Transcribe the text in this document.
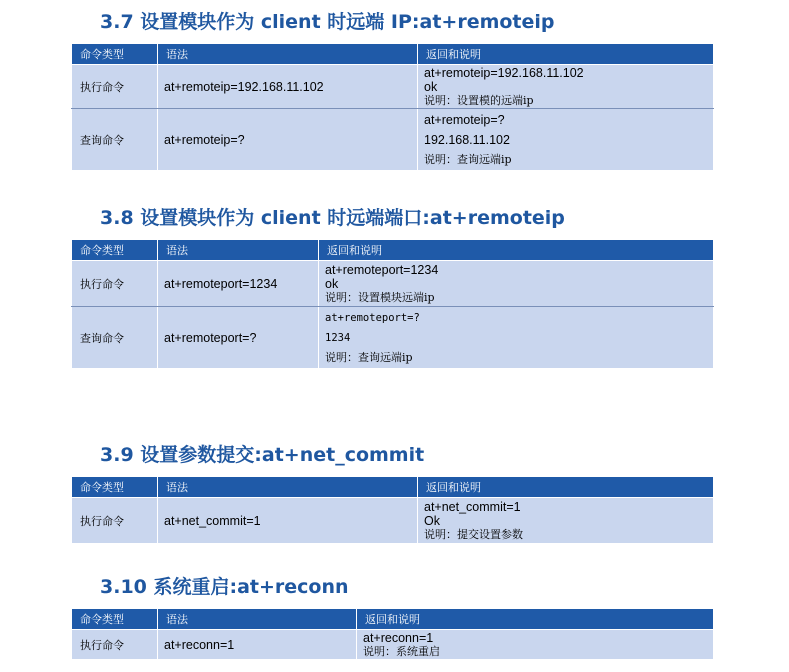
3.7 设置模块作为 client 时远端 IP:at+remoteip
命令类型	语法	返回和说明
执行命令	at+remoteip=192.168.11.102	at+remoteip=192.168.11.102
ok
说明：设置模的远端ip

查询命令	at+remoteip=?	at+remoteip=?
192.168.11.102
说明：查询远端ip
3.8 设置模块作为 client 时远端端口:at+remoteip
命令类型	语法	返回和说明
执行命令	at+remoteport=1234	at+remoteport=1234
ok
说明：设置模块远端ip

查询命令	at+remoteport=?	at+remoteport=?
1234
说明：查询远端ip
3.9 设置参数提交:at+net_commit
命令类型	语法	返回和说明
执行命令	at+net_commit=1	at+net_commit=1
Ok
说明：提交设置参数
3.10 系统重启:at+reconn
命令类型	语法	返回和说明
执行命令	at+reconn=1	at+reconn=1
说明：系统重启
